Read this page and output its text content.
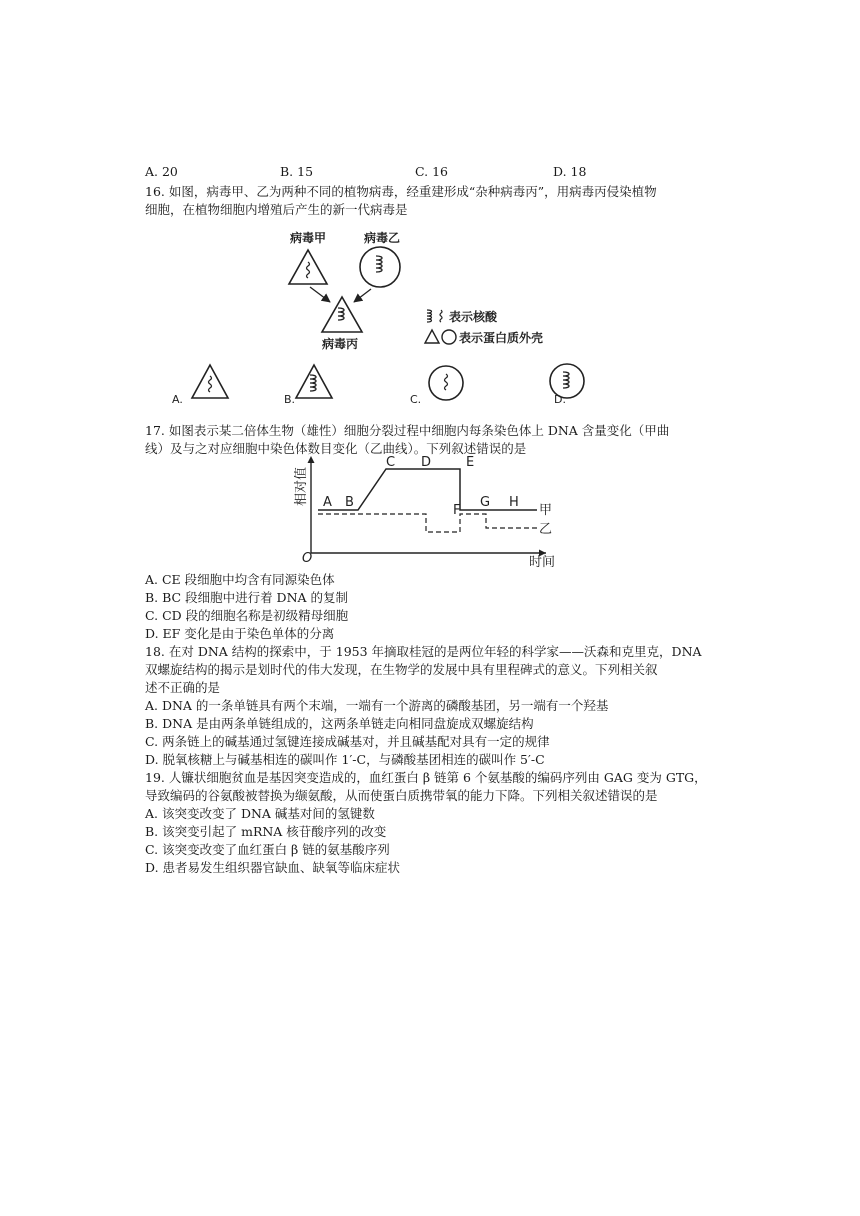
A. 20	B. 15	C. 16	D. 18
16. 如图，病毒甲、乙为两种不同的植物病毒，经重建形成“杂种病毒丙”，用病毒丙侵染植物
细胞，在植物细胞内增殖后产生的新一代病毒是
病毒甲	病毒乙
病毒丙
表示核酸
表示蛋白质外壳
A.	B.	C.	D.
17. 如图表示某二倍体生物（雄性）细胞分裂过程中细胞内每条染色体上 DNA 含量变化（甲曲
线）及与之对应细胞中染色体数目变化（乙曲线）。下列叙述错误的是
O	时间
相对值 A B
C D	E
F
G H
甲
乙
A. CE 段细胞中均含有同源染色体
B. BC 段细胞中进行着 DNA 的复制
C. CD 段的细胞名称是初级精母细胞
D. EF 变化是由于染色单体的分离
18. 在对 DNA 结构的探索中，于 1953 年摘取桂冠的是两位年轻的科学家——沃森和克里克，DNA
双螺旋结构的揭示是划时代的伟大发现，在生物学的发展中具有里程碑式的意义。下列相关叙
述不正确的是
A. DNA 的一条单链具有两个末端，一端有一个游离的磷酸基团，另一端有一个羟基
B. DNA 是由两条单链组成的，这两条单链走向相同盘旋成双螺旋结构
C. 两条链上的碱基通过氢键连接成碱基对，并且碱基配对具有一定的规律
D. 脱氧核糖上与碱基相连的碳叫作 1′-C，与磷酸基团相连的碳叫作 5′-C
19. 人镰状细胞贫血是基因突变造成的，血红蛋白 β 链第 6 个氨基酸的编码序列由 GAG 变为 GTG，
导致编码的谷氨酸被替换为缬氨酸，从而使蛋白质携带氧的能力下降。下列相关叙述错误的是
A. 该突变改变了 DNA 碱基对间的氢键数
B. 该突变引起了 mRNA 核苷酸序列的改变
C. 该突变改变了血红蛋白 β 链的氨基酸序列
D. 患者易发生组织器官缺血、缺氧等临床症状
